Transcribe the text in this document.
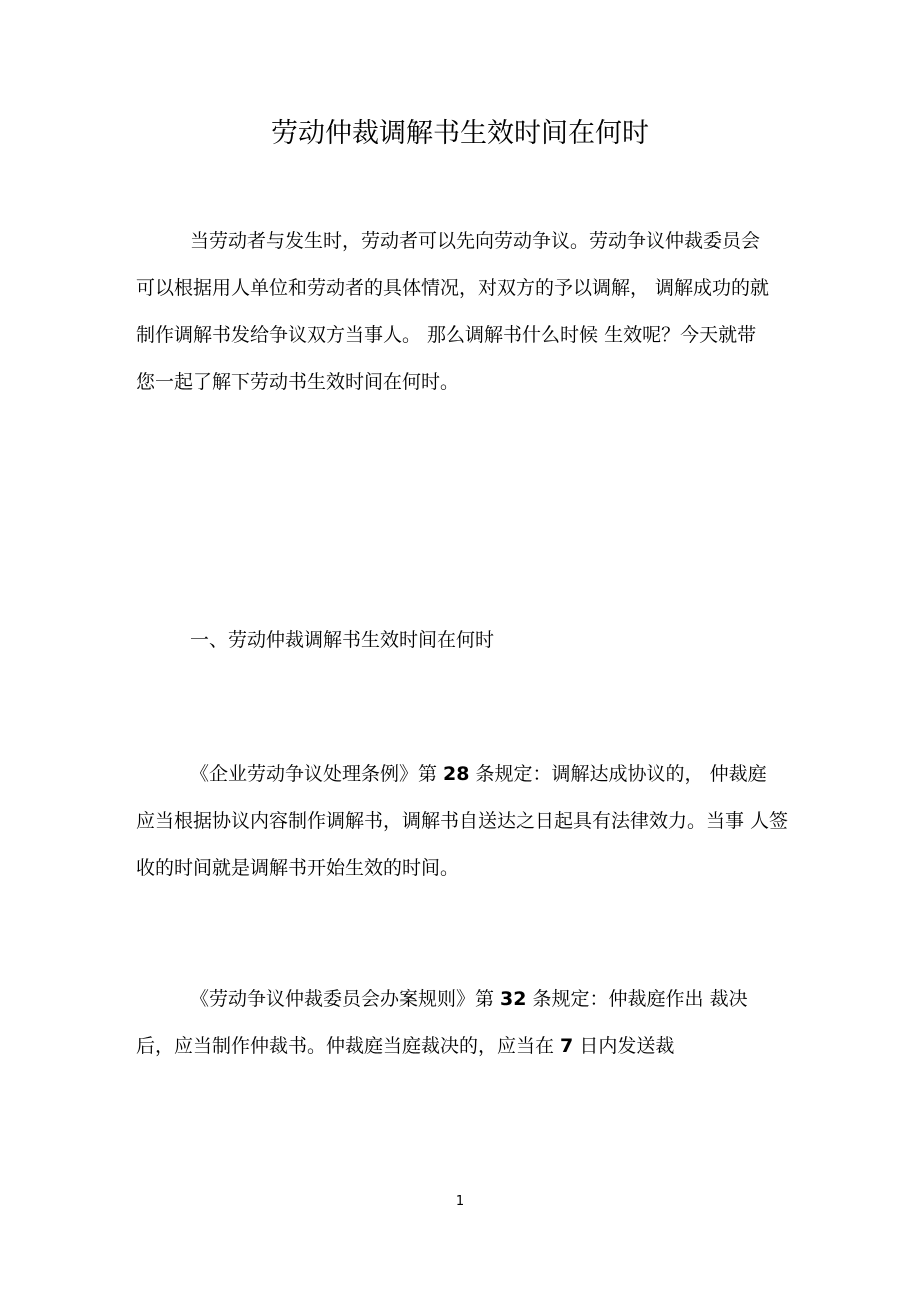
劳动仲裁调解书生效时间在何时
当劳动者与发生时，劳动者可以先向劳动争议。劳动争议仲裁委员会
可以根据用人单位和劳动者的具体情况，对双方的予以调解， 调解成功的就
制作调解书发给争议双方当事人。 那么调解书什么时候 生效呢？今天就带
您一起了解下劳动书生效时间在何时。
一、劳动仲裁调解书生效时间在何时
《企业劳动争议处理条例》第 28 条规定：调解达成协议的， 仲裁庭
应当根据协议内容制作调解书，调解书自送达之日起具有法律效力。当事 人签
收的时间就是调解书开始生效的时间。
《劳动争议仲裁委员会办案规则》第 32 条规定：仲裁庭作出 裁决
后，应当制作仲裁书。仲裁庭当庭裁决的，应当在 7 日内发送裁
1
